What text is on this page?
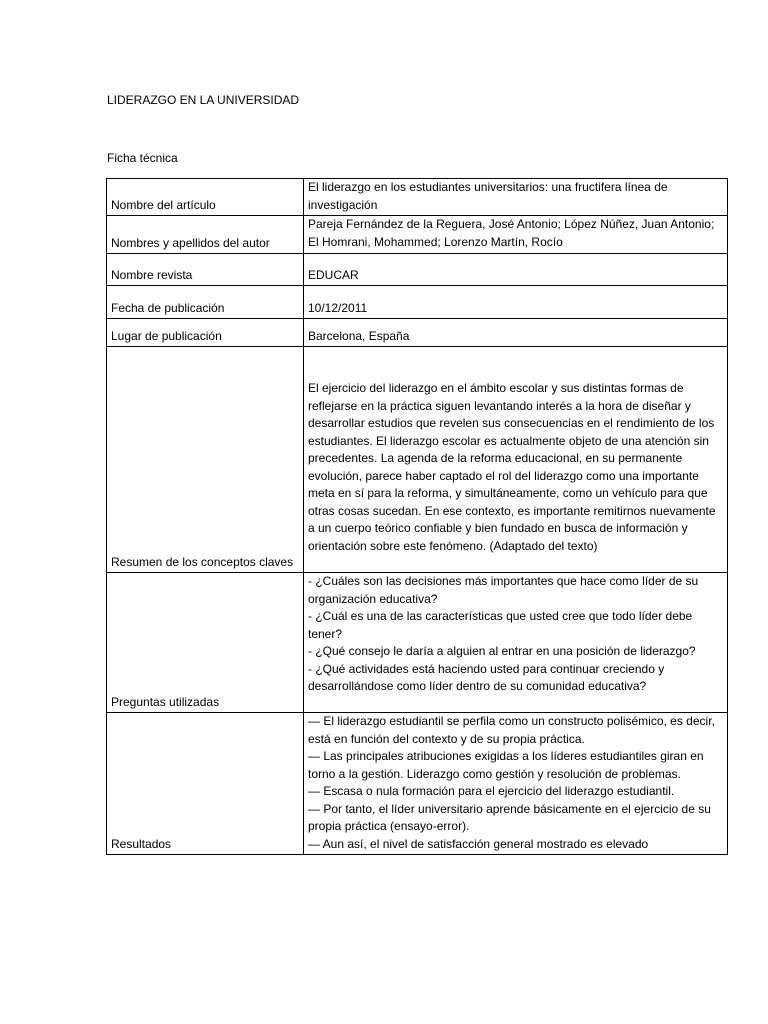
LIDERAZGO EN LA UNIVERSIDAD
Ficha técnica
Nombre del artículo	El liderazgo en los estudiantes universitarios: una fructifera línea de investigación
Nombres y apellidos del autor	Pareja Fernández de la Reguera, José Antonio; López Núñez, Juan Antonio; El Homrani, Mohammed; Lorenzo Martín, Rocío
Nombre revista	EDUCAR
Fecha de publicación	10/12/2011
Lugar de publicación	Barcelona, España
Resumen de los conceptos claves	El ejercicio del liderazgo en el ámbito escolar y sus distintas formas de reflejarse en la práctica siguen levantando interés a la hora de diseñar y desarrollar estudios que revelen sus consecuencias en el rendimiento de los estudiantes. El liderazgo escolar es actualmente objeto de una atención sin precedentes. La agenda de la reforma educacional, en su permanente evolución, parece haber captado el rol del liderazgo como una importante meta en sí para la reforma, y simultáneamente, como un vehículo para que otras cosas sucedan. En ese contexto, es importante remitirnos nuevamente a un cuerpo teórico confiable y bien fundado en busca de información y orientación sobre este fenómeno. (Adaptado del texto)
Preguntas utilizadas	- ¿Cuáles son las decisiones más importantes que hace como líder de su organización educativa?
- ¿Cuál es una de las características que usted cree que todo líder debe tener?
- ¿Qué consejo le daría a alguien al entrar en una posición de liderazgo?
- ¿Qué actividades está haciendo usted para continuar creciendo y desarrollándose como líder dentro de su comunidad educativa?

Resultados	— El liderazgo estudiantil se perfila como un constructo polisémico, es decir, está en función del contexto y de su propia práctica.
— Las principales atribuciones exigidas a los líderes estudiantiles giran en torno a la gestión. Liderazgo como gestión y resolución de problemas.
— Escasa o nula formación para el ejercicio del liderazgo estudiantil.
— Por tanto, el líder universitario aprende básicamente en el ejercicio de su propia práctica (ensayo-error).
— Aun así, el nivel de satisfacción general mostrado es elevado
